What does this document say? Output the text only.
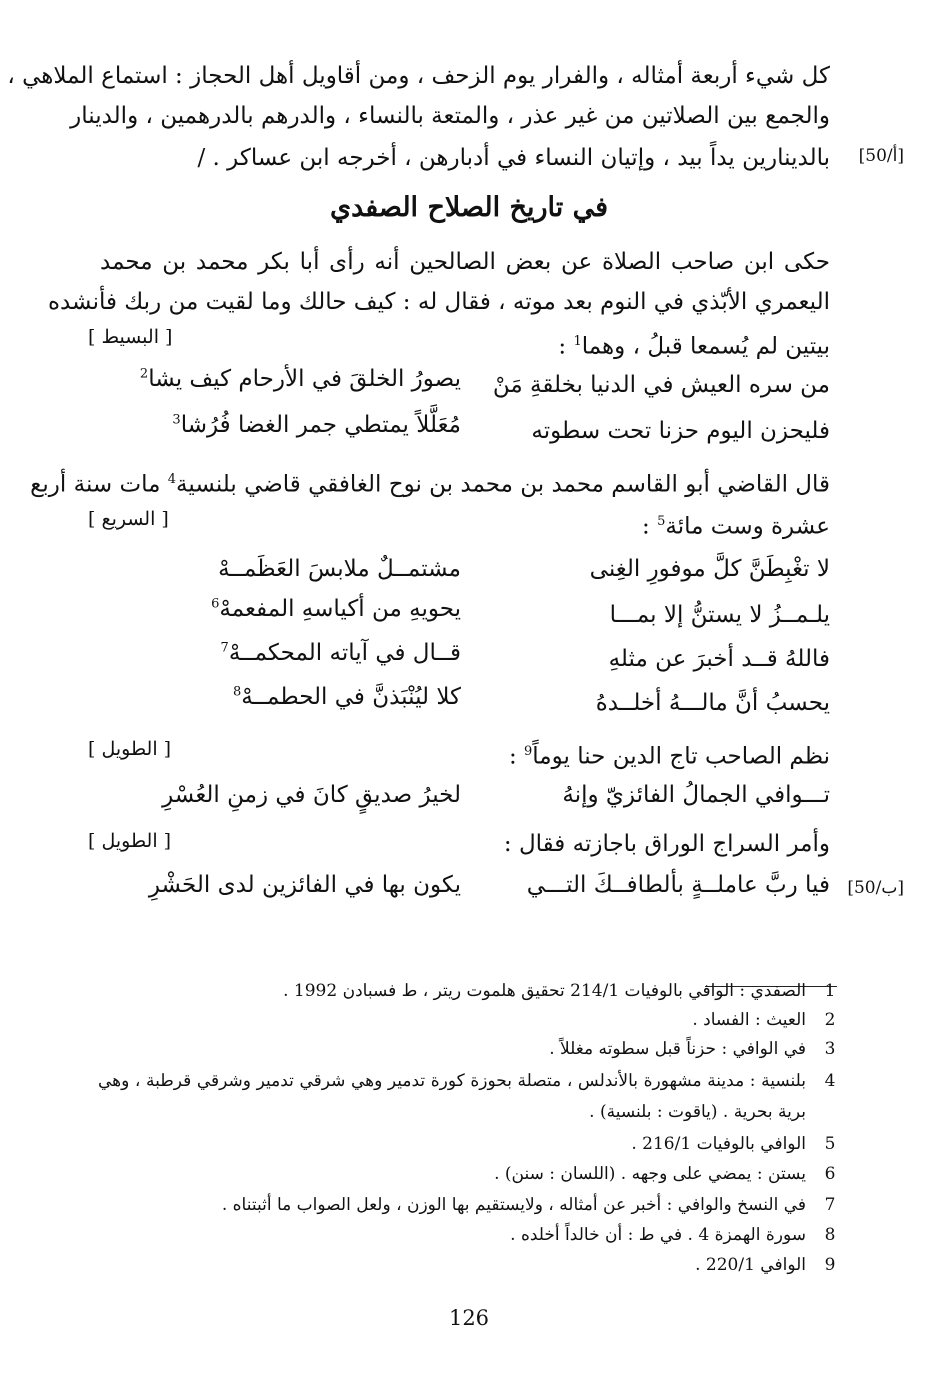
كل شيء أربعة أمثاله ، والفرار يوم الزحف ، ومن أقاويل أهل الحجاز : استماع الملاهي ،
والجمع بين الصلاتين من غير عذر ، والمتعة بالنساء ، والدرهم بالدرهمين ، والدينار
بالدينارين يداً بيد ، وإتيان النساء في أدبارهن ، أخرجه ابن عساكر . / [50/أ]
في تاريخ الصلاح الصفدي
حكى ابن صاحب الصلاة عن بعض الصالحين أنه رأى أبا بكر محمد بن محمد
اليعمري الأبّذي في النوم بعد موته ، فقال له : كيف حالك وما لقيت من ربك فأنشده
بيتين لم يُسمعا قبلُ ، وهما$^1$ :
[ البسيط ]
من سره العيش في الدنيا بخلقةِ مَنْ
يصورُ الخلقَ في الأرحام كيف يشا$^2$
فليحزن اليوم حزنا تحت سطوته
مُعَلَّلاً يمتطي جمر الغضا فُرُشا$^3$
قال القاضي أبو القاسم محمد بن محمد بن نوح الغافقي قاضي بلنسية$^4$ مات سنة أربع
عشرة وست مائة$^5$ :
[ السريع ]
لا تغْبِطَنَّ كلَّ موفورِ الغِنى
مشتمــلٌ ملابسَ العَظَمــهْ
يلـمــزُ لا يستنُّ إلا بمـــا
يحويهِ من أكياسهِ المفعمهْ$^6$
فاللهُ قــد أخبرَ عن مثلهِ
قــال في آياته المحكمــهْ$^7$
يحسبُ أنَّ مالـــهُ أخلــدهُ
كلا ليُنْبَذنَّ في الحطمــهْ$^8$
نظم الصاحب تاج الدين حنا يوماً$^9$ :
[ الطويل ]
تـــوافي الجمالُ الفائزيّ وإنهُ
لخيرُ صديقٍ كانَ في زمنِ العُسْرِ
وأمر السراج الوراق باجازته فقال :
[ الطويل ]
فيا ربَّ عاملــةٍ بألطافــكَ التـــي
يكون بها في الفائزين لدى الحَشْرِ	[50/ب]
1
الصفدي : الوافي بالوفيات 214/1 تحقيق هلموت ريتر ، ط فسبادن 1992 .
2
العيث : الفساد .
3
في الوافي : حزناً قبل سطوته مغللاً .
4
بلنسية : مدينة مشهورة بالأندلس ، متصلة بحوزة كورة تدمير وهي شرقي تدمير وشرقي قرطبة ، وهي برية بحرية . (ياقوت : بلنسية) .
5
الوافي بالوفيات 216/1 .
6
يستن : يمضي على وجهه . (اللسان : سنن) .
7
في النسخ والوافي : أخبر عن أمثاله ، ولايستقيم بها الوزن ، ولعل الصواب ما أثبتناه .
8
سورة الهمزة 4 . في ط : أن خالداً أخلده .
9
الوافي 220/1 .
126
